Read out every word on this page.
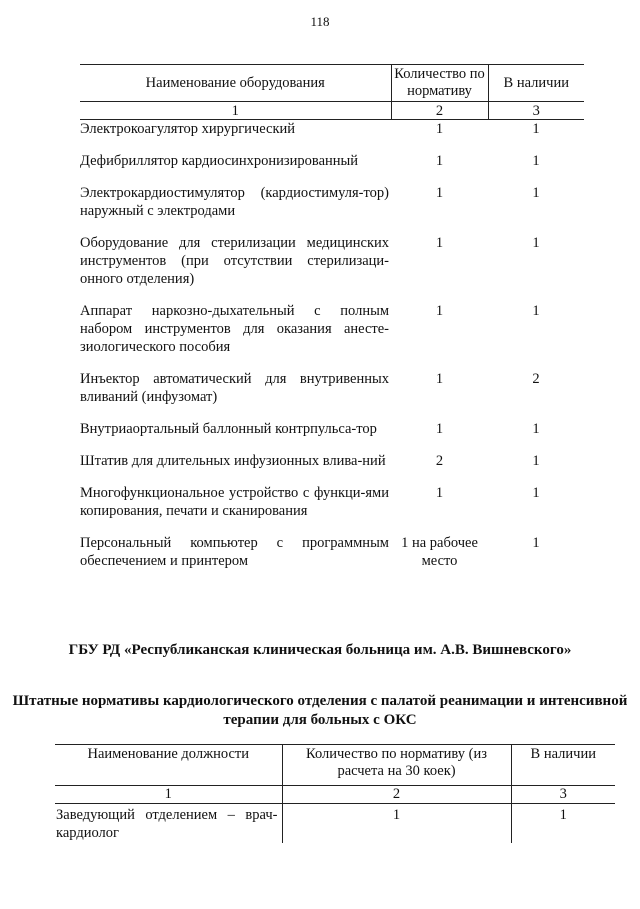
118
Наименование оборудования	Количество по нормативу	В наличии
1	2	3
Электрокоагулятор хирургический	1	1
Дефибриллятор кардиосинхронизированный	1	1
Электрокардиостимулятор (кардиостимуля-тор) наружный с электродами	1	1
Оборудование для стерилизации медицинских инструментов (при отсутствии стерилизаци-онного отделения)	1	1
Аппарат наркозно-дыхательный с полным набором инструментов для оказания анесте-зиологического пособия	1	1
Инъектор автоматический для внутривенных вливаний (инфузомат)	1	2
Внутриаортальный баллонный контрпульса-тор	1	1
Штатив для длительных инфузионных влива-ний	2	1
Многофункциональное устройство с функци-ями копирования, печати и сканирования	1	1
Персональный компьютер с программным обеспечением и принтером	1 на рабочее место	1
ГБУ РД «Республиканская клиническая больница им. А.В. Вишневского»
Штатные нормативы кардиологического отделения с палатой реанимации и интенсивной терапии для больных с ОКС
Наименование должности	Количество по нормативу (из расчета на 30 коек)	В наличии
1	2	3
Заведующий отделением – врач-кардиолог	1	1
